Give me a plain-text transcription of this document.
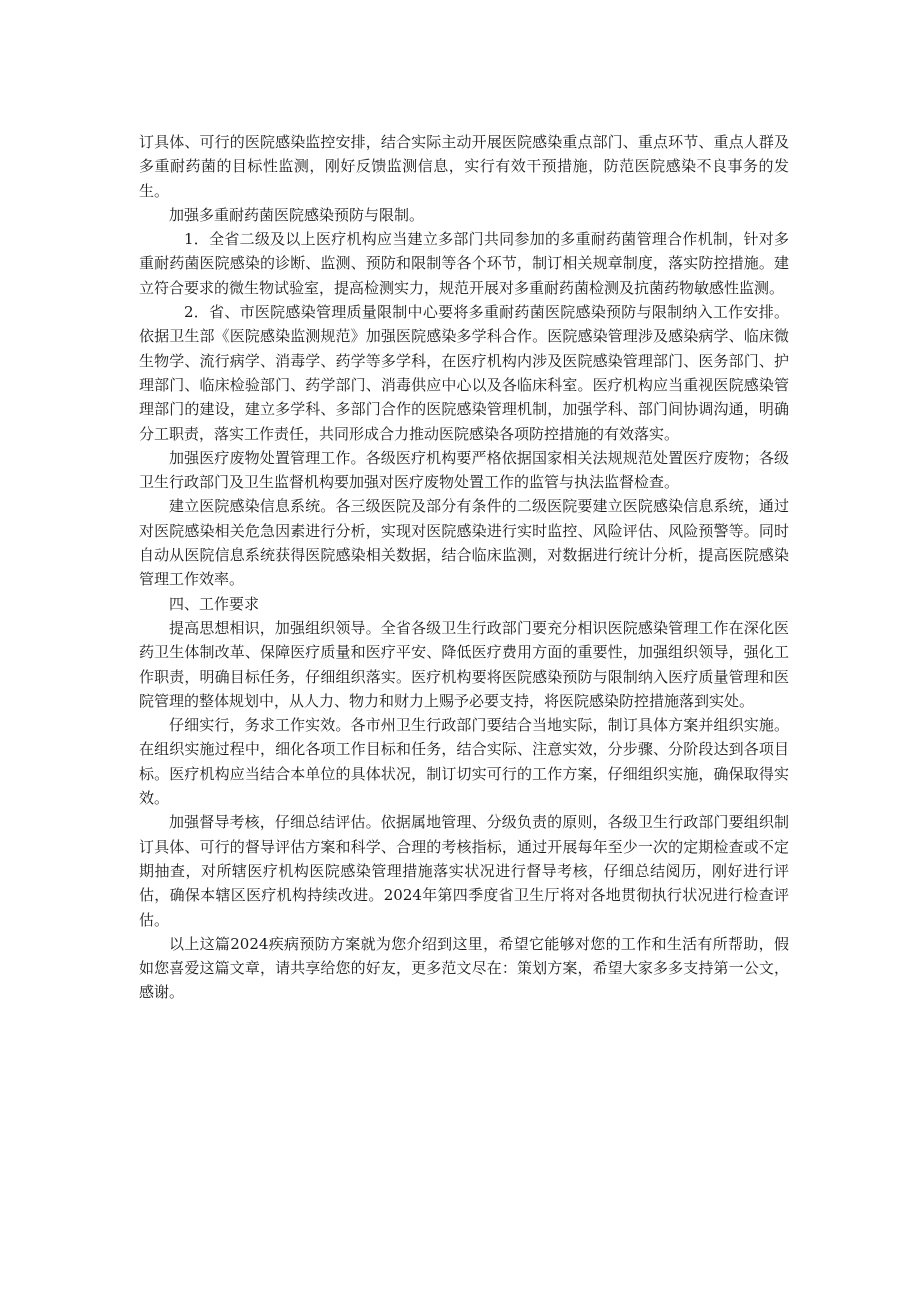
订具体、可行的医院感染监控安排，结合实际主动开展医院感染重点部门、重点环节、重点人群及多重耐药菌的目标性监测，刚好反馈监测信息，实行有效干预措施，防范医院感染不良事务的发生。

加强多重耐药菌医院感染预防与限制。

1．全省二级及以上医疗机构应当建立多部门共同参加的多重耐药菌管理合作机制，针对多重耐药菌医院感染的诊断、监测、预防和限制等各个环节，制订相关规章制度，落实防控措施。建立符合要求的微生物试验室，提高检测实力，规范开展对多重耐药菌检测及抗菌药物敏感性监测。

2．省、市医院感染管理质量限制中心要将多重耐药菌医院感染预防与限制纳入工作安排。依据卫生部《医院感染监测规范》加强医院感染多学科合作。医院感染管理涉及感染病学、临床微生物学、流行病学、消毒学、药学等多学科，在医疗机构内涉及医院感染管理部门、医务部门、护理部门、临床检验部门、药学部门、消毒供应中心以及各临床科室。医疗机构应当重视医院感染管理部门的建设，建立多学科、多部门合作的医院感染管理机制，加强学科、部门间协调沟通，明确分工职责，落实工作责任，共同形成合力推动医院感染各项防控措施的有效落实。

加强医疗废物处置管理工作。各级医疗机构要严格依据国家相关法规规范处置医疗废物；各级卫生行政部门及卫生监督机构要加强对医疗废物处置工作的监管与执法监督检查。

建立医院感染信息系统。各三级医院及部分有条件的二级医院要建立医院感染信息系统，通过对医院感染相关危急因素进行分析，实现对医院感染进行实时监控、风险评估、风险预警等。同时自动从医院信息系统获得医院感染相关数据，结合临床监测，对数据进行统计分析，提高医院感染管理工作效率。

四、工作要求

提高思想相识，加强组织领导。全省各级卫生行政部门要充分相识医院感染管理工作在深化医药卫生体制改革、保障医疗质量和医疗平安、降低医疗费用方面的重要性，加强组织领导，强化工作职责，明确目标任务，仔细组织落实。医疗机构要将医院感染预防与限制纳入医疗质量管理和医院管理的整体规划中，从人力、物力和财力上赐予必要支持，将医院感染防控措施落到实处。

仔细实行，务求工作实效。各市州卫生行政部门要结合当地实际，制订具体方案并组织实施。在组织实施过程中，细化各项工作目标和任务，结合实际、注意实效，分步骤、分阶段达到各项目标。医疗机构应当结合本单位的具体状况，制订切实可行的工作方案，仔细组织实施，确保取得实效。

加强督导考核，仔细总结评估。依据属地管理、分级负责的原则，各级卫生行政部门要组织制订具体、可行的督导评估方案和科学、合理的考核指标，通过开展每年至少一次的定期检查或不定期抽查，对所辖医疗机构医院感染管理措施落实状况进行督导考核，仔细总结阅历，刚好进行评估，确保本辖区医疗机构持续改进。2024年第四季度省卫生厅将对各地贯彻执行状况进行检查评估。

以上这篇2024疾病预防方案就为您介绍到这里，希望它能够对您的工作和生活有所帮助，假如您喜爱这篇文章，请共享给您的好友，更多范文尽在：策划方案，希望大家多多支持第一公文，感谢。
